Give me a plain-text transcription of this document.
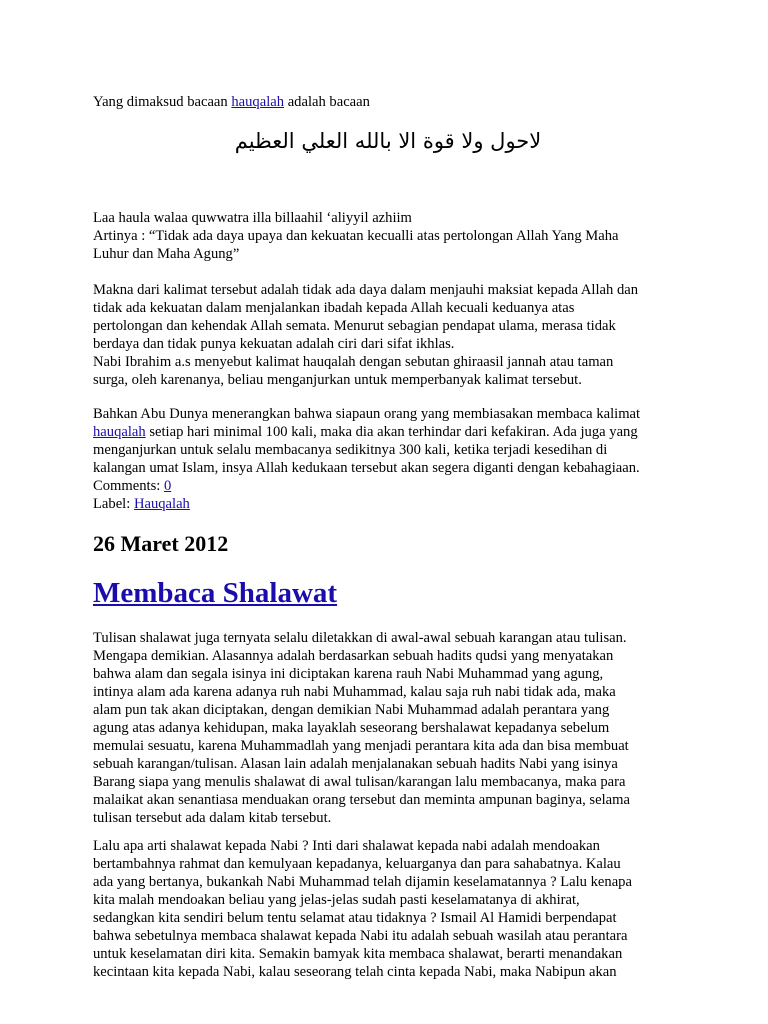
Yang dimaksud bacaan hauqalah adalah bacaan
لاحول ولا قوة الا بالله العلي العظيم

Laa haula walaa quwwatra illa billaahil ‘aliyyil azhiim

Artinya : “Tidak ada daya upaya dan kekuatan kecualli atas pertolongan Allah Yang Maha

Luhur dan Maha Agung”

Makna dari kalimat tersebut adalah tidak ada daya dalam menjauhi maksiat kepada Allah dan

tidak ada kekuatan dalam menjalankan ibadah kepada Allah kecuali keduanya atas

pertolongan dan kehendak Allah semata. Menurut sebagian pendapat ulama, merasa tidak

berdaya dan tidak punya kekuatan adalah ciri dari sifat ikhlas.

Nabi Ibrahim a.s menyebut kalimat hauqalah dengan sebutan ghiraasil jannah atau taman

surga, oleh karenanya, beliau menganjurkan untuk memperbanyak kalimat tersebut.

Bahkan Abu Dunya menerangkan bahwa siapaun orang yang membiasakan membaca kalimat

hauqalah setiap hari minimal 100 kali, maka dia akan terhindar dari kefakiran. Ada juga yang

menganjurkan untuk selalu membacanya sedikitnya 300 kali, ketika terjadi kesedihan di

kalangan umat Islam, insya Allah kedukaan tersebut akan segera diganti dengan kebahagiaan.

Comments: 0

Label: Hauqalah

26 Maret 2012
Membaca Shalawat

Tulisan shalawat juga ternyata selalu diletakkan di awal-awal sebuah karangan atau tulisan.

Mengapa demikian. Alasannya adalah berdasarkan sebuah hadits qudsi yang menyatakan

bahwa alam dan segala isinya ini diciptakan karena rauh Nabi Muhammad yang agung,

intinya alam ada karena adanya ruh nabi Muhammad, kalau saja ruh nabi tidak ada, maka

alam pun tak akan diciptakan, dengan demikian Nabi Muhammad adalah perantara yang

agung atas adanya kehidupan, maka layaklah seseorang bershalawat kepadanya sebelum

memulai sesuatu, karena Muhammadlah yang menjadi perantara kita ada dan bisa membuat

sebuah karangan/tulisan. Alasan lain adalah menjalanakan sebuah hadits Nabi yang isinya

Barang siapa yang menulis shalawat di awal tulisan/karangan lalu membacanya, maka para

malaikat akan senantiasa menduakan orang tersebut dan meminta ampunan baginya, selama

tulisan tersebut ada dalam kitab tersebut.

Lalu apa arti shalawat kepada Nabi ? Inti dari shalawat kepada nabi adalah mendoakan

bertambahnya rahmat dan kemulyaan kepadanya, keluarganya dan para sahabatnya. Kalau

ada yang bertanya, bukankah Nabi Muhammad telah dijamin keselamatannya ? Lalu kenapa

kita malah mendoakan beliau yang jelas-jelas sudah pasti keselamatanya di akhirat,

sedangkan kita sendiri belum tentu selamat atau tidaknya ? Ismail Al Hamidi berpendapat

bahwa sebetulnya membaca shalawat kepada Nabi itu adalah sebuah wasilah atau perantara

untuk keselamatan diri kita. Semakin bamyak kita membaca shalawat, berarti menandakan

kecintaan kita kepada Nabi, kalau seseorang telah cinta kepada Nabi, maka Nabipun akan
